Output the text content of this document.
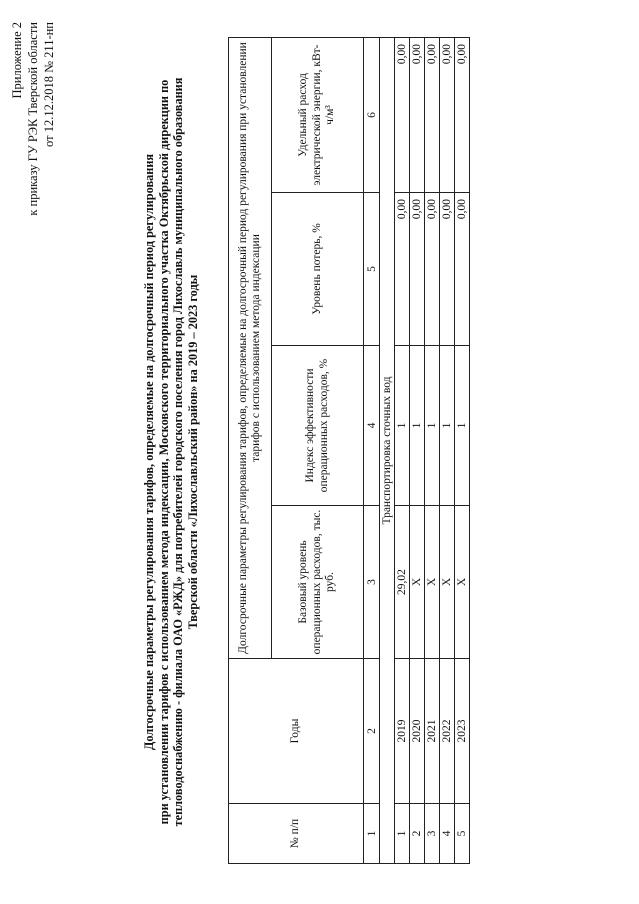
Приложение 2 к приказу ГУ РЭК Тверской области от 12.12.2018 № 211-нп
Долгосрочные параметры регулирования тарифов, определяемые на долгосрочный период регулирования при установлении тарифов с использованием метода индексации, Московского территориального участка Октябрьской дирекции по тепловодоснабжению - филиала ОАО «РЖД» для потребителей городского поселения город Лихославль муниципального образования Тверской области «Лихославльский район» на 2019 – 2023 годы
№ п/п	Годы	Долгосрочные параметры регулирования тарифов, определяемые на долгосрочный период регулирования при установлении тарифов с использованием метода индексации			
		Базовый уровень операционных расходов, тыс. руб.	Индекс эффективности операционных расходов, %	Уровень потерь, %	Удельный расход электрической энергии, кВт-ч/м³
1	2	3	4	5	6
Транспортировка сточных вод					
1	2019	29,02	1	0,00	0,00
2	2020	X	1	0,00	0,00
3	2021	X	1	0,00	0,00
4	2022	X	1	0,00	0,00
5	2023	X	1	0,00	0,00
